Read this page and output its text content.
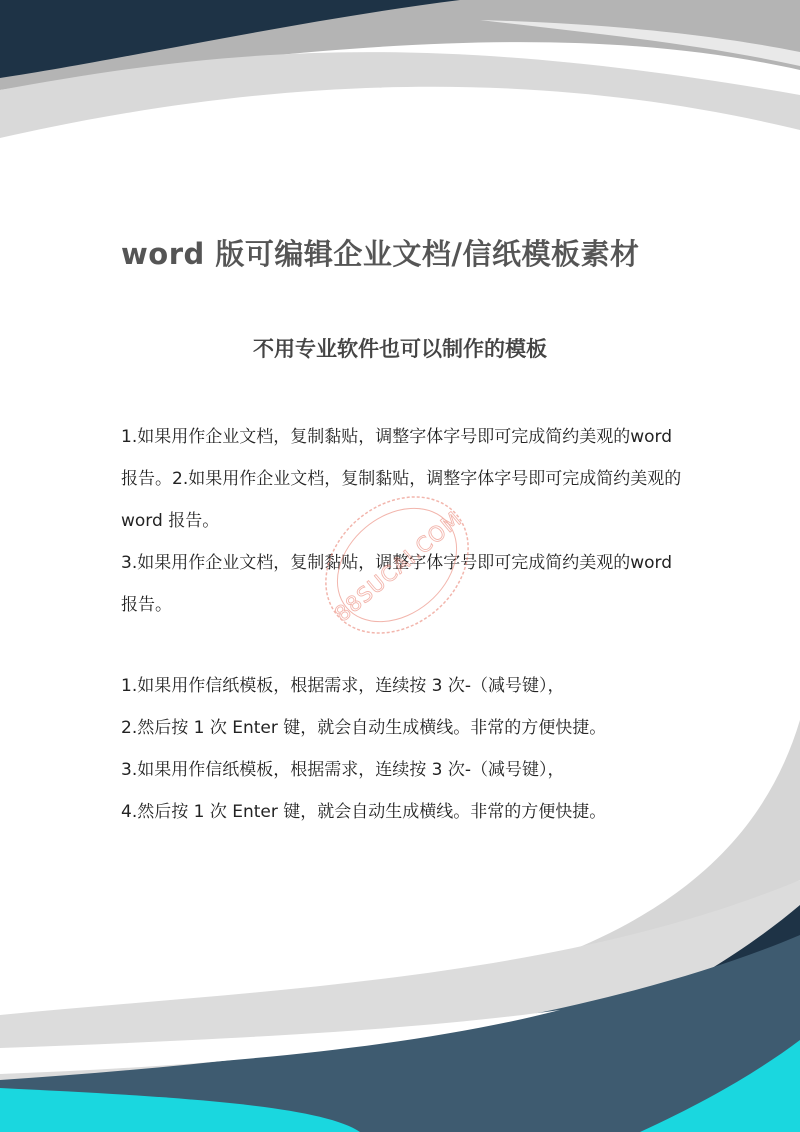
word 版可编辑企业文档/信纸模板素材
不用专业软件也可以制作的模板

1.如果用作企业文档，复制黏贴，调整字体字号即可完成简约美观的word 报告。2.如果用作企业文档，复制黏贴，调整字体字号即可完成简约美观的 word 报告。

3.如果用作企业文档，复制黏贴，调整字体字号即可完成简约美观的word 报告。

1.如果用作信纸模板，根据需求，连续按 3 次-（减号键），

2.然后按 1 次 Enter 键，就会自动生成横线。非常的方便快捷。

3.如果用作信纸模板，根据需求，连续按 3 次-（减号键），

4.然后按 1 次 Enter 键，就会自动生成横线。非常的方便快捷。

88SUCAI.COM
